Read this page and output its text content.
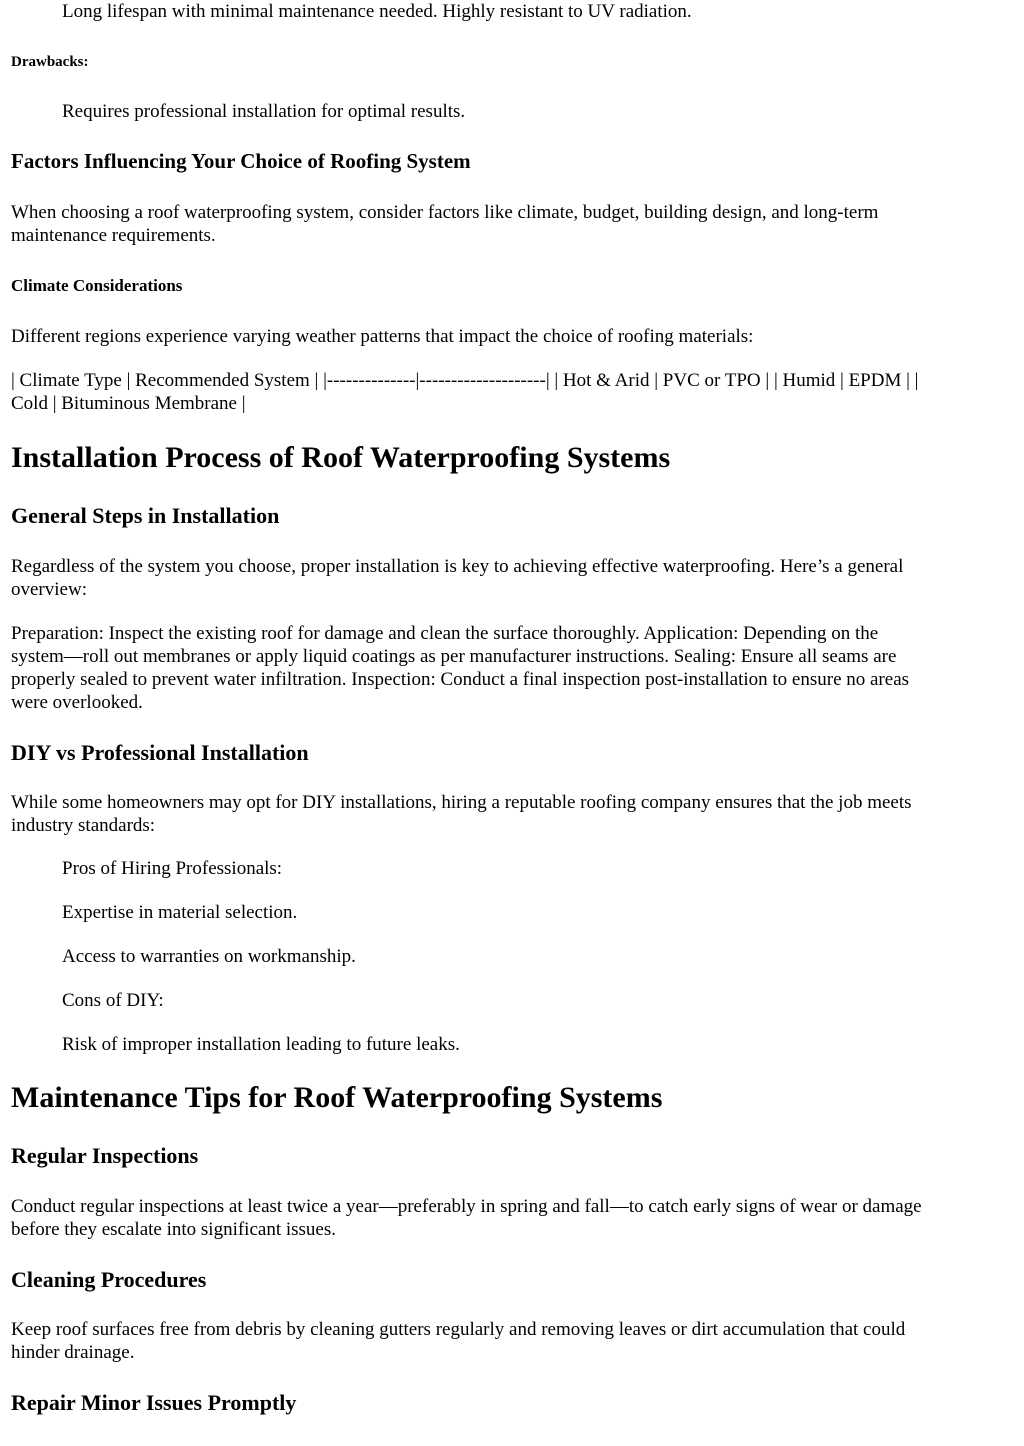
Long lifespan with minimal maintenance needed. Highly resistant to UV radiation.

Drawbacks:

Requires professional installation for optimal results.

Factors Influencing Your Choice of Roofing System

When choosing a roof waterproofing system, consider factors like climate, budget, building design, and long-term

maintenance requirements.

Climate Considerations

Different regions experience varying weather patterns that impact the choice of roofing materials:

| Climate Type | Recommended System | |--------------|--------------------| | Hot & Arid | PVC or TPO | | Humid | EPDM | |

Cold | Bituminous Membrane |

Installation Process of Roof Waterproofing Systems
General Steps in Installation

Regardless of the system you choose, proper installation is key to achieving effective waterproofing. Here’s a general

overview:

Preparation: Inspect the existing roof for damage and clean the surface thoroughly. Application: Depending on the

system—roll out membranes or apply liquid coatings as per manufacturer instructions. Sealing: Ensure all seams are

properly sealed to prevent water infiltration. Inspection: Conduct a final inspection post-installation to ensure no areas

were overlooked.

DIY vs Professional Installation

While some homeowners may opt for DIY installations, hiring a reputable roofing company ensures that the job meets

industry standards:

Pros of Hiring Professionals:

Expertise in material selection.

Access to warranties on workmanship.

Cons of DIY:

Risk of improper installation leading to future leaks.

Maintenance Tips for Roof Waterproofing Systems
Regular Inspections

Conduct regular inspections at least twice a year—preferably in spring and fall—to catch early signs of wear or damage

before they escalate into significant issues.

Cleaning Procedures

Keep roof surfaces free from debris by cleaning gutters regularly and removing leaves or dirt accumulation that could

hinder drainage.

Repair Minor Issues Promptly
